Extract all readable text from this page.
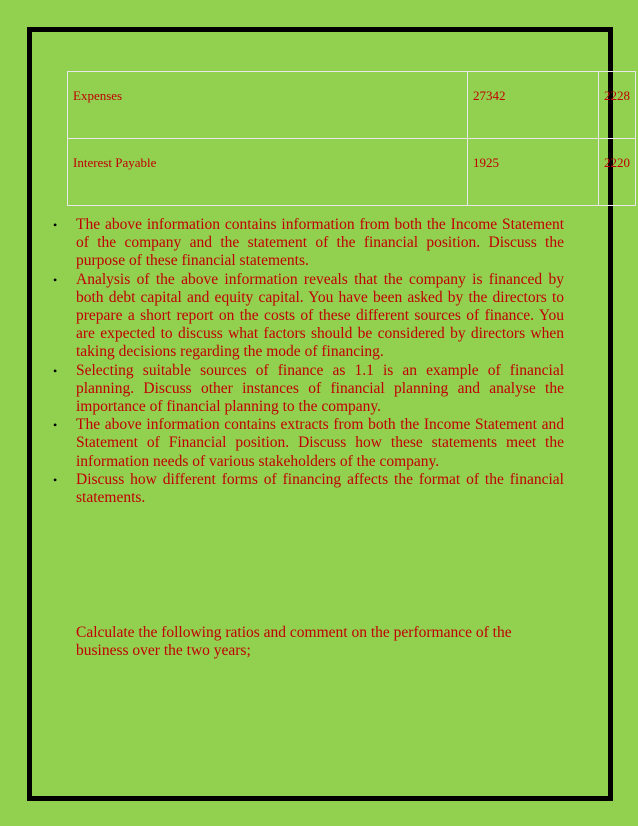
Expenses	27342	2228
Interest Payable	1925	2220
• The above information contains information from both the Income Statement of the company and the statement of the financial position. Discuss the purpose of these financial statements.
• Analysis of the above information reveals that the company is financed by both debt capital and equity capital. You have been asked by the directors to prepare a short report on the costs of these different sources of finance. You are expected to discuss what factors should be considered by directors when taking decisions regarding the mode of financing.
• Selecting suitable sources of finance as 1.1 is an example of financial planning. Discuss other instances of financial planning and analyse the importance of financial planning to the company.
• The above information contains extracts from both the Income Statement and Statement of Financial position. Discuss how these statements meet the information needs of various stakeholders of the company.
• Discuss how different forms of financing affects the format of the financial statements.

Calculate the following ratios and comment on the performance of the business over the two years;
